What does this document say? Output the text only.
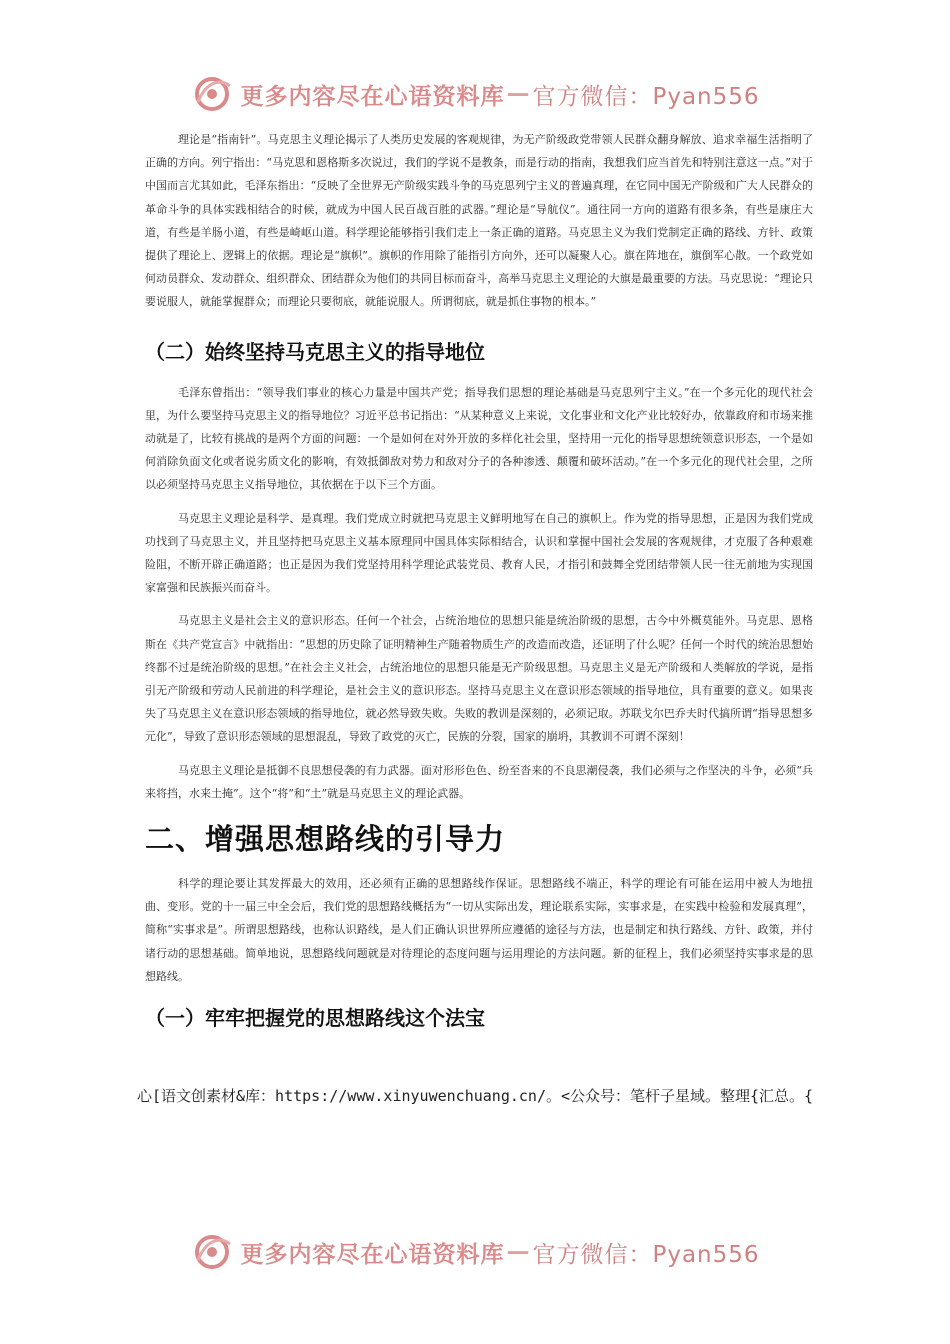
更多内容尽在心语资料库 — 官方微信：Pyan556

理论是“指南针”。马克思主义理论揭示了人类历史发展的客观规律，为无产阶级政党带领人民群众翻身解放、追求幸福生活指明了正确的方向。列宁指出：“马克思和恩格斯多次说过，我们的学说不是教条，而是行动的指南，我想我们应当首先和特别注意这一点。”对于中国而言尤其如此，毛泽东指出：“反映了全世界无产阶级实践斗争的马克思列宁主义的普遍真理，在它同中国无产阶级和广大人民群众的革命斗争的具体实践相结合的时候，就成为中国人民百战百胜的武器。”理论是“导航仪”。通往同一方向的道路有很多条，有些是康庄大道，有些是羊肠小道，有些是崎岖山道。科学理论能够指引我们走上一条正确的道路。马克思主义为我们党制定正确的路线、方针、政策提供了理论上、逻辑上的依据。理论是“旗帜”。旗帜的作用除了能指引方向外，还可以凝聚人心。旗在阵地在，旗倒军心散。一个政党如何动员群众、发动群众、组织群众、团结群众为他们的共同目标而奋斗，高举马克思主义理论的大旗是最重要的方法。马克思说：“理论只要说服人，就能掌握群众；而理论只要彻底，就能说服人。所谓彻底，就是抓住事物的根本。”

（二）始终坚持马克思主义的指导地位

毛泽东曾指出：“领导我们事业的核心力量是中国共产党；指导我们思想的理论基础是马克思列宁主义。”在一个多元化的现代社会里，为什么要坚持马克思主义的指导地位？习近平总书记指出：“从某种意义上来说，文化事业和文化产业比较好办，依靠政府和市场来推动就是了，比较有挑战的是两个方面的问题：一个是如何在对外开放的多样化社会里，坚持用一元化的指导思想统领意识形态，一个是如何消除负面文化或者说劣质文化的影响，有效抵御敌对势力和敌对分子的各种渗透、颠覆和破坏活动。”在一个多元化的现代社会里，之所以必须坚持马克思主义指导地位，其依据在于以下三个方面。

马克思主义理论是科学、是真理。我们党成立时就把马克思主义鲜明地写在自己的旗帜上。作为党的指导思想，正是因为我们党成功找到了马克思主义，并且坚持把马克思主义基本原理同中国具体实际相结合，认识和掌握中国社会发展的客观规律，才克服了各种艰难险阻，不断开辟正确道路；也正是因为我们党坚持用科学理论武装党员、教育人民，才指引和鼓舞全党团结带领人民一往无前地为实现国家富强和民族振兴而奋斗。

马克思主义是社会主义的意识形态。任何一个社会，占统治地位的思想只能是统治阶级的思想，古今中外概莫能外。马克思、恩格斯在《共产党宣言》中就指出：“思想的历史除了证明精神生产随着物质生产的改造而改造，还证明了什么呢？任何一个时代的统治思想始终都不过是统治阶级的思想。”在社会主义社会，占统治地位的思想只能是无产阶级思想。马克思主义是无产阶级和人类解放的学说，是指引无产阶级和劳动人民前进的科学理论，是社会主义的意识形态。坚持马克思主义在意识形态领域的指导地位，具有重要的意义。如果丧失了马克思主义在意识形态领域的指导地位，就必然导致失败。失败的教训是深刻的，必须记取。苏联戈尔巴乔夫时代搞所谓“指导思想多元化”，导致了意识形态领域的思想混乱，导致了政党的灭亡，民族的分裂，国家的崩坍，其教训不可谓不深刻！

马克思主义理论是抵御不良思想侵袭的有力武器。面对形形色色、纷至沓来的不良思潮侵袭，我们必须与之作坚决的斗争，必须“兵来将挡，水来土掩”。这个“将”和“土”就是马克思主义的理论武器。

二、增强思想路线的引导力

科学的理论要让其发挥最大的效用，还必须有正确的思想路线作保证。思想路线不端正，科学的理论有可能在运用中被人为地扭曲、变形。党的十一届三中全会后，我们党的思想路线概括为“一切从实际出发，理论联系实际，实事求是，在实践中检验和发展真理”，简称“实事求是”。所谓思想路线，也称认识路线，是人们正确认识世界所应遵循的途径与方法，也是制定和执行路线、方针、政策，并付诸行动的思想基础。简单地说，思想路线问题就是对待理论的态度问题与运用理论的方法问题。新的征程上，我们必须坚持实事求是的思想路线。

（一）牢牢把握党的思想路线这个法宝
心[语文创素材&库：https://www.xinyuwenchuang.cn/。<公众号：笔杆子星域。整理{汇总。{
更多内容尽在心语资料库 — 官方微信：Pyan556
